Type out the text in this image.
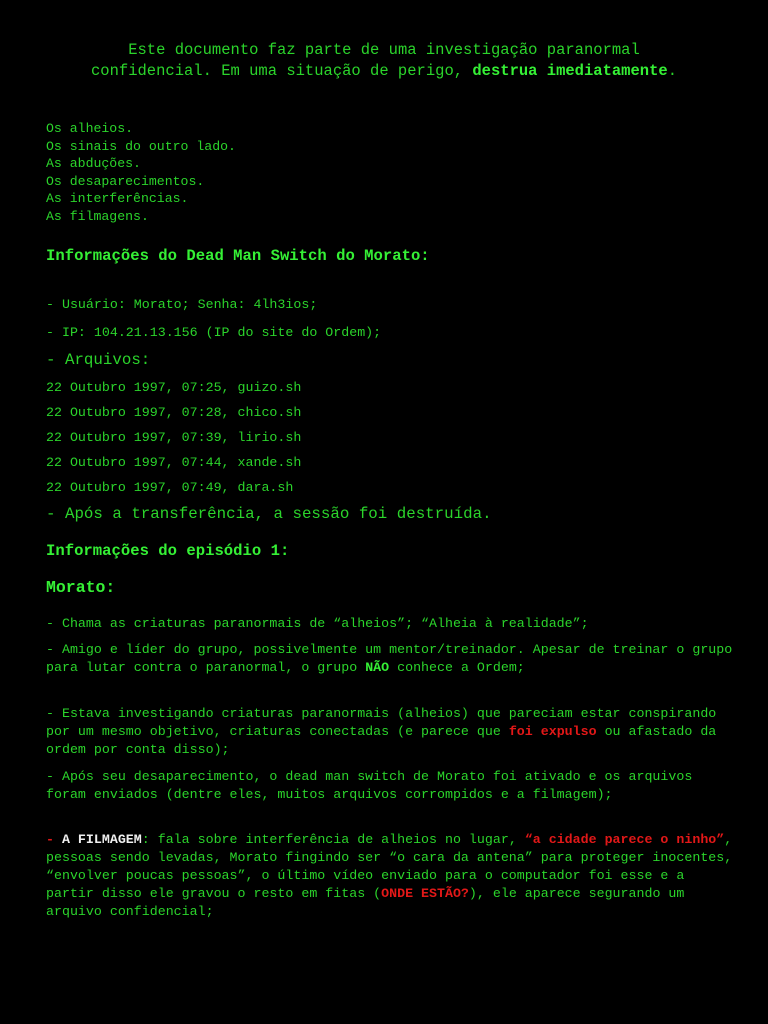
Este documento faz parte de uma investigação paranormal
confidencial. Em uma situação de perigo, destrua imediatamente.
Os alheios.
Os sinais do outro lado.
As abduções.
Os desaparecimentos.
As interferências.
As filmagens.
Informações do Dead Man Switch do Morato:
- Usuário: Morato; Senha: 4lh3ios;
- IP: 104.21.13.156 (IP do site do Ordem);
- Arquivos:
22 Outubro 1997, 07:25, guizo.sh
22 Outubro 1997, 07:28, chico.sh
22 Outubro 1997, 07:39, lirio.sh
22 Outubro 1997, 07:44, xande.sh
22 Outubro 1997, 07:49, dara.sh
- Após a transferência, a sessão foi destruída.
Informações do episódio 1:
Morato:
- Chama as criaturas paranormais de “alheios”; “Alheia à realidade”;
- Amigo e líder do grupo, possivelmente um mentor/treinador. Apesar de treinar o grupo para lutar contra o paranormal, o grupo NÃO conhece a Ordem;
- Estava investigando criaturas paranormais (alheios) que pareciam estar conspirando por um mesmo objetivo, criaturas conectadas (e parece que foi expulso ou afastado da ordem por conta disso);
- Após seu desaparecimento, o dead man switch de Morato foi ativado e os arquivos foram enviados (dentre eles, muitos arquivos corrompidos e a filmagem);
- A FILMAGEM: fala sobre interferência de alheios no lugar, “a cidade parece o ninho”, pessoas sendo levadas, Morato fingindo ser “o cara da antena” para proteger inocentes, “envolver poucas pessoas”, o último vídeo enviado para o computador foi esse e a partir disso ele gravou o resto em fitas (ONDE ESTÃO?), ele aparece segurando um arquivo confidencial;
